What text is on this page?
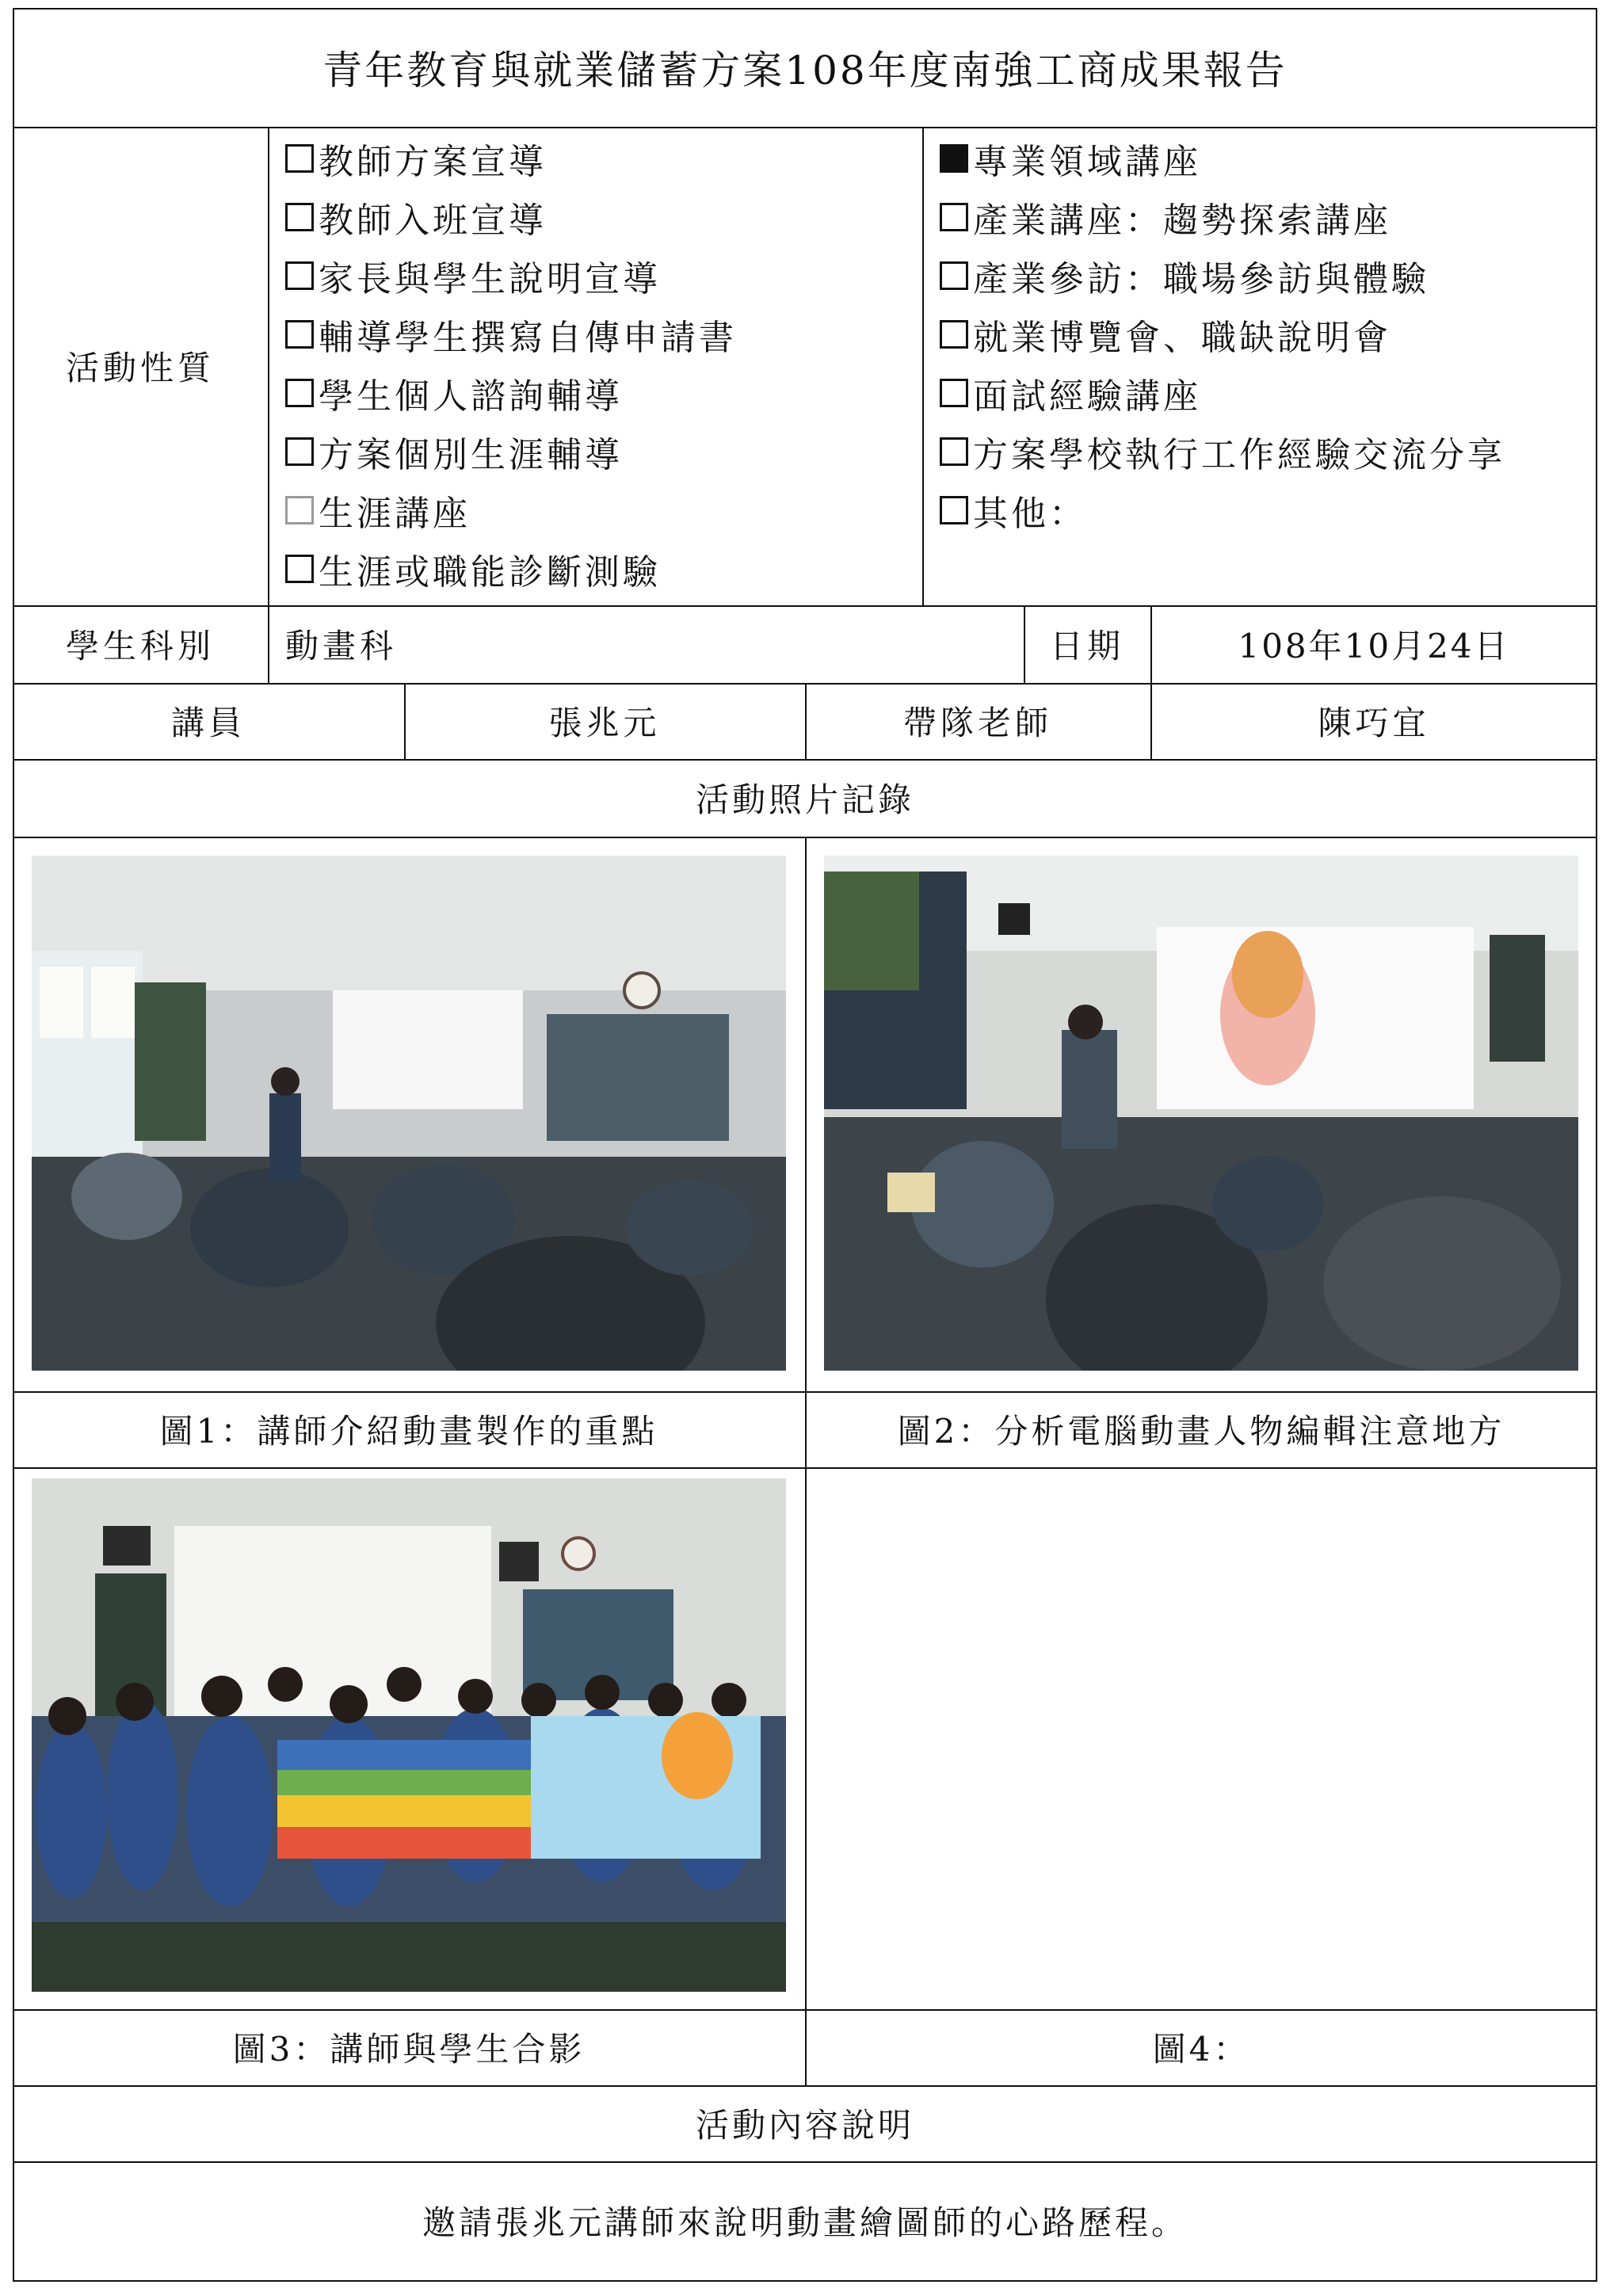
青年教育與就業儲蓄方案108年度南強工商成果報告
活動性質
教師方案宣導
教師入班宣導
家長與學生說明宣導
輔導學生撰寫自傳申請書
學生個人諮詢輔導
方案個別生涯輔導
生涯講座
生涯或職能診斷測驗
專業領域講座
產業講座：趨勢探索講座
產業參訪：職場參訪與體驗
就業博覽會、職缺說明會
面試經驗講座
方案學校執行工作經驗交流分享
其他：
學生科別 動畫科	日期	108年10月24日
講員	張兆元	帶隊老師	陳巧宜
活動照片記錄
圖1：講師介紹動畫製作的重點	圖2：分析電腦動畫人物編輯注意地方
圖3：講師與學生合影	圖4：
活動內容說明
邀請張兆元講師來說明動畫繪圖師的心路歷程。
